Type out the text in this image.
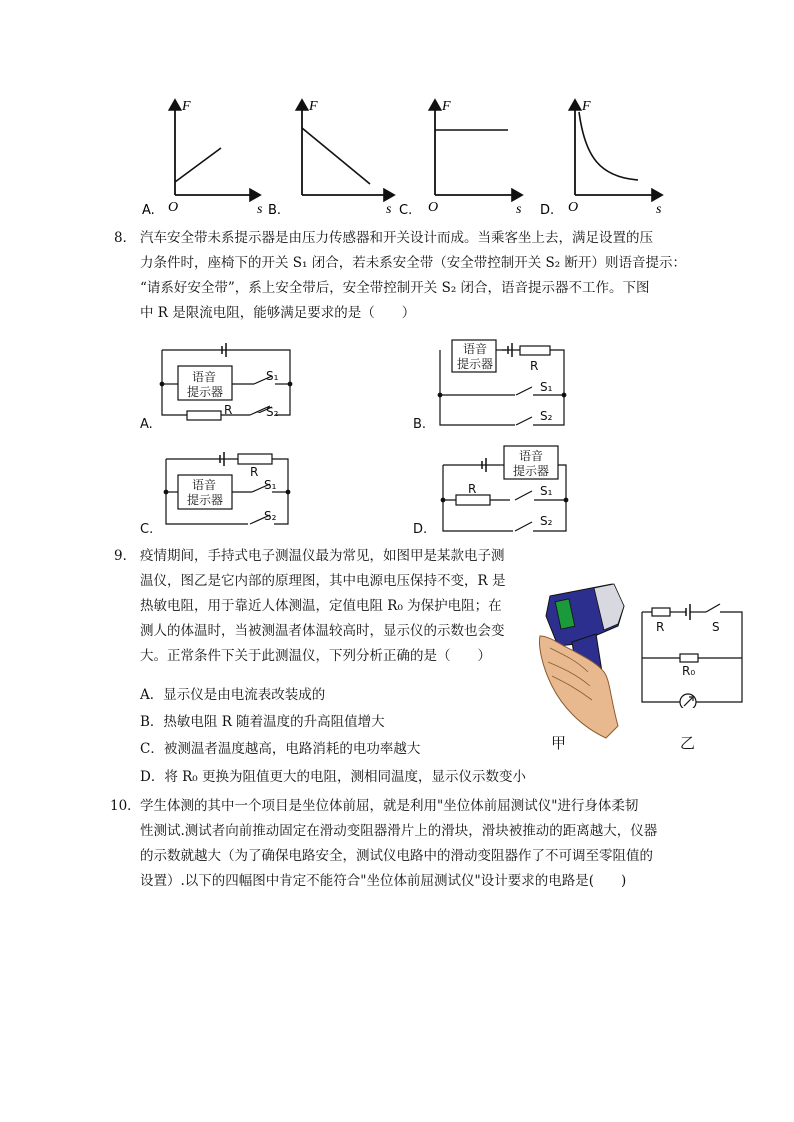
F
s
O
A.
F
s
B.
F
s
O
C.
F
s
O
D.
8． 汽车安全带未系提示器是由压力传感器和开关设计而成。当乘客坐上去，满足设置的压
力条件时，座椅下的开关 S₁ 闭合，若未系安全带（安全带控制开关 S₂ 断开）则语音提示：
“请系好安全带”，系上安全带后，安全带控制开关 S₂ 闭合，语音提示器不工作。下图
中 R 是限流电阻，能够满足要求的是（　　）
语音
提示器
S₁
R	S₂
A.
语音
提示器	R
S₁
S₂
B.
语音
提示器
R
S₁
S₂
C.
语音
提示器
R	S₁
S₂
D.
9． 疫情期间，手持式电子测温仪最为常见，如图甲是某款电子测
温仪，图乙是它内部的原理图，其中电源电压保持不变，R 是
热敏电阻，用于靠近人体测温，定值电阻 R₀ 为保护电阻；在
测人的体温时，当被测温者体温较高时，显示仪的示数也会变
大。正常条件下关于此测温仪，下列分析正确的是（　　）
A．显示仪是由电流表改装成的
B．热敏电阻 R 随着温度的升高阻值增大
C．被测温者温度越高，电路消耗的电功率越大
D．将 R₀ 更换为阻值更大的电阻，测相同温度，显示仪示数变小
甲
R	S
R₀
乙
10． 学生体测的其中一个项目是坐位体前屈，就是利用"坐位体前屈测试仪"进行身体柔韧
性测试.测试者向前推动固定在滑动变阻器滑片上的滑块，滑块被推动的距离越大，仪器
的示数就越大（为了确保电路安全，测试仪电路中的滑动变阻器作了不可调至零阻值的
设置）.以下的四幅图中肯定不能符合"坐位体前屈测试仪"设计要求的电路是(　　)
